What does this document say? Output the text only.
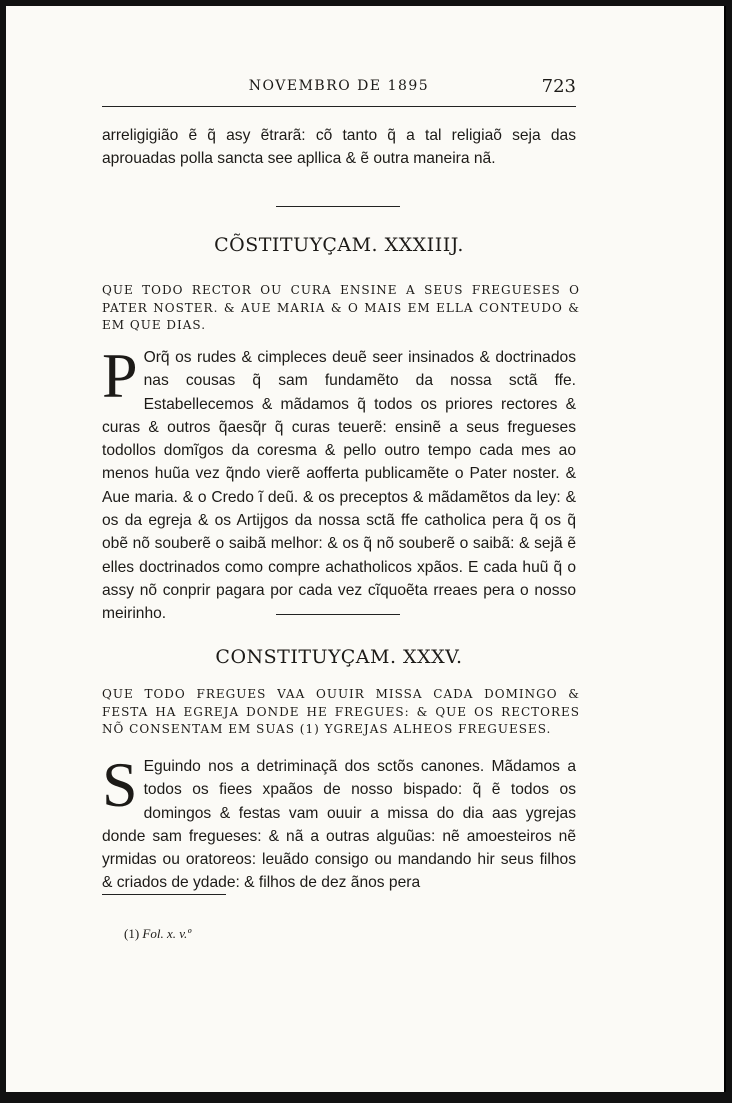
NOVEMBRO DE 1895	723
arreligigião ẽ q̃ asy ẽtrarã: cõ tanto q̃ a tal religiaõ seja das aprouadas polla sancta see apllica & ẽ outra maneira nã.
CÕSTITUYÇAM. XXXIIIJ.
QUE TODO RECTOR OU CURA ENSINE A SEUS FREGUESES O PATER NOSTER. & AUE MARIA & O MAIS EM ELLA CONTEUDO & EM QUE DIAS.
P Orq̃ os rudes & cimpleces deuẽ seer insinados & doctrinados nas cousas q̃ sam fundamẽto da nossa sctã ffe. Estabellecemos & mãdamos q̃ todos os priores rectores & curas & outros q̃aesq̃r q̃ curas teuerẽ: ensinẽ a seus fregueses todollos domĩgos da coresma & pello outro tempo cada mes ao menos huũa vez q̃ndo vierẽ aofferta publicamẽte o Pater noster. & Aue maria. & o Credo ĩ deũ. & os preceptos & mãdamẽtos da ley: & os da egreja & os Artijgos da nossa sctã ffe catholica pera q̃ os q̃ obẽ nõ souberẽ o saibã melhor: & os q̃ nõ souberẽ o saibã: & sejã ẽ elles doctrinados como compre achatholicos xpãos. E cada huũ q̃ o assy nõ conprir pagara por cada vez cĩquoẽta rreaes pera o nosso meirinho.
CONSTITUYÇAM. XXXV.
QUE TODO FREGUES VAA OUUIR MISSA CADA DOMINGO & FESTA HA EGREJA DONDE HE FREGUES: & QUE OS RECTORES NÕ CONSENTAM EM SUAS (1) YGREJAS ALHEOS FREGUESES.
S Eguindo nos a detriminaçã dos sctõs canones. Mãdamos a todos os fiees xpaãos de nosso bispado: q̃ ẽ todos os domingos & festas vam ouuir a missa do dia aas ygrejas donde sam fregueses: & nã a outras alguũas: nẽ amoesteiros nẽ yrmidas ou oratoreos: leuãdo consigo ou mandando hir seus filhos & criados de ydade: & filhos de dez ãnos pera
(1) Fol. x. v.º
